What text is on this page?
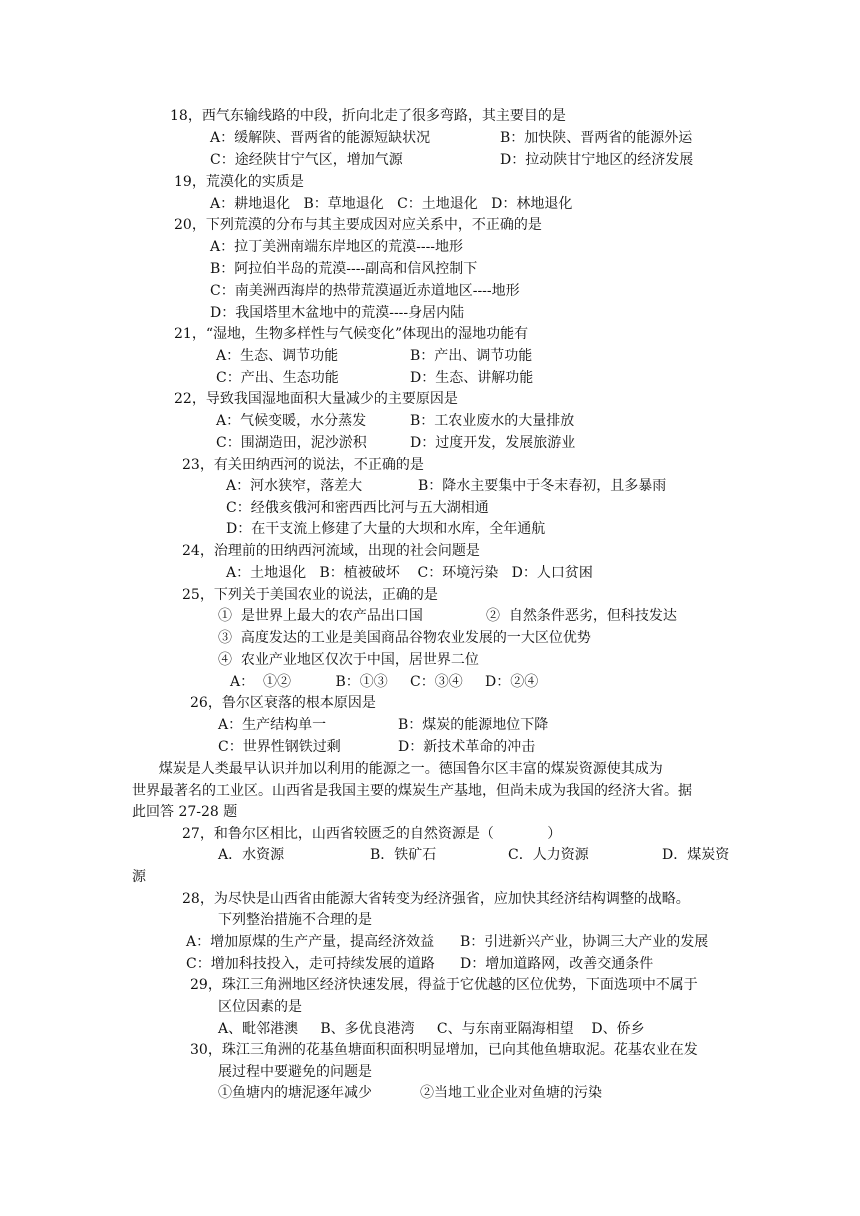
18，西气东输线路的中段，折向北走了很多弯路，其主要目的是
A：缓解陕、晋两省的能源短缺状况	B：加快陕、晋两省的能源外运
C：途经陕甘宁气区，增加气源	D：拉动陕甘宁地区的经济发展
19，荒漠化的实质是
A：耕地退化   B：草地退化   C：土地退化   D：林地退化
20，下列荒漠的分布与其主要成因对应关系中，不正确的是
A：拉丁美洲南端东岸地区的荒漠----地形
B：阿拉伯半岛的荒漠----副高和信风控制下
C：南美洲西海岸的热带荒漠逼近赤道地区----地形
D：我国塔里木盆地中的荒漠----身居内陆
21，“湿地，生物多样性与气候变化”体现出的湿地功能有
A：生态、调节功能	B：产出、调节功能
C：产出、生态功能	D：生态、讲解功能
22，导致我国湿地面积大量减少的主要原因是
A：气候变暖，水分蒸发	B：工农业废水的大量排放
C：围湖造田，泥沙淤积	D：过度开发，发展旅游业
23，有关田纳西河的说法，不正确的是
A：河水狭窄，落差大	B：降水主要集中于冬末春初，且多暴雨
C：经俄亥俄河和密西西比河与五大湖相通
D：在干支流上修建了大量的大坝和水库，全年通航
24，治理前的田纳西河流域，出现的社会问题是
A：土地退化   B：植被破坏    C：环境污染   D：人口贫困
25，下列关于美国农业的说法，正确的是
①  是世界上最大的农产品出口国	②  自然条件恶劣，但科技发达
③  高度发达的工业是美国商品谷物农业发展的一大区位优势
④  农业产业地区仅次于中国，居世界二位
A：  ①②          B：①③     C：③④     D：②④
26，鲁尔区衰落的根本原因是
A：生产结构单一	B：煤炭的能源地位下降
C：世界性钢铁过剩	D：新技术革命的冲击
煤炭是人类最早认识并加以利用的能源之一。德国鲁尔区丰富的煤炭资源使其成为
世界最著名的工业区。山西省是我国主要的煤炭生产基地，但尚未成为我国的经济大省。据
此回答 27-28 题
27，和鲁尔区相比，山西省较匮乏的自然资源是（            ）
A．水资源	B．铁矿石	C．人力资源	D．煤炭资
源
28，为尽快是山西省由能源大省转变为经济强省，应加快其经济结构调整的战略。
下列整治措施不合理的是
A：增加原煤的生产产量，提高经济效益 B：引进新兴产业，协调三大产业的发展
C：增加科技投入，走可持续发展的道路 D：增加道路网，改善交通条件
29，珠江三角洲地区经济快速发展，得益于它优越的区位优势，下面选项中不属于
区位因素的是
A、毗邻港澳     B、多优良港湾     C、与东南亚隔海相望    D、侨乡
30，珠江三角洲的花基鱼塘面积面积明显增加，已向其他鱼塘取泥。花基农业在发
展过程中要避免的问题是
①鱼塘内的塘泥逐年减少	②当地工业企业对鱼塘的污染
